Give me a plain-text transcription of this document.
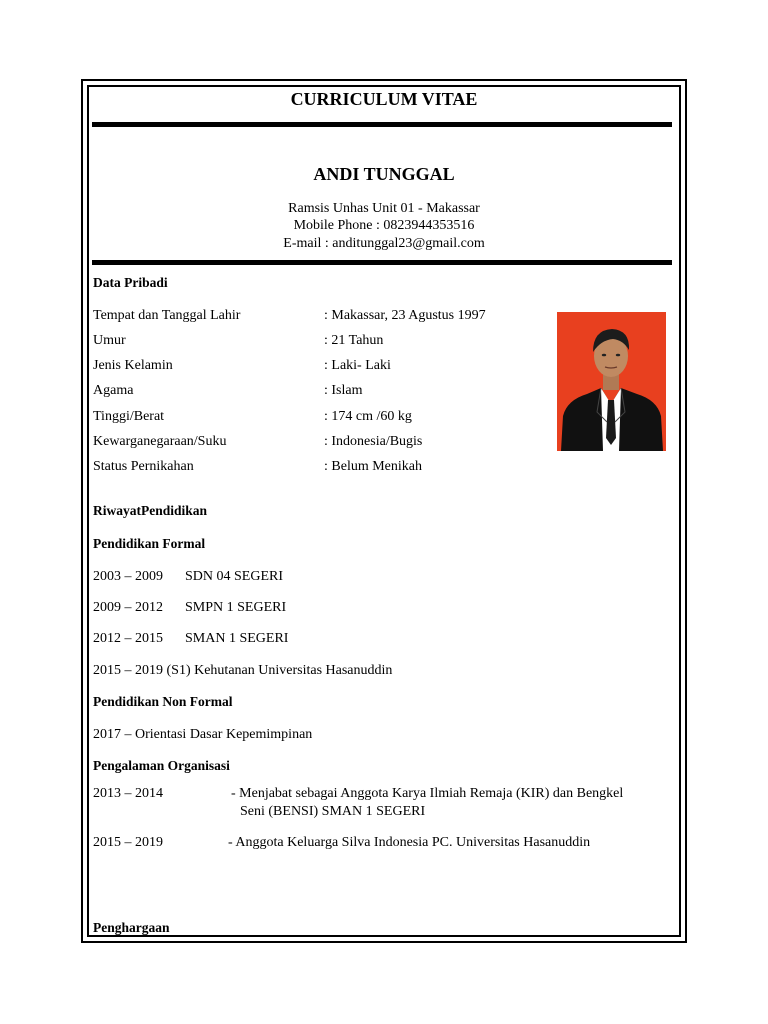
CURRICULUM VITAE
ANDI TUNGGAL
Ramsis Unhas Unit 01 - Makassar
Mobile Phone : 0823944353516
E-mail : anditunggal23@gmail.com
Data Pribadi
Tempat dan Tanggal Lahir	: Makassar, 23 Agustus 1997
Umur	: 21 Tahun
Jenis Kelamin	: Laki- Laki
Agama	: Islam
Tinggi/Berat	: 174 cm /60 kg
Kewarganegaraan/Suku	: Indonesia/Bugis
Status Pernikahan	: Belum Menikah
RiwayatPendidikan
Pendidikan Formal
2003 – 2009 SDN 04 SEGERI
2009 – 2012 SMPN 1 SEGERI
2012 – 2015 SMAN 1 SEGERI
2015 – 2019 (S1) Kehutanan Universitas Hasanuddin
Pendidikan Non Formal
2017 – Orientasi Dasar Kepemimpinan
Pengalaman Organisasi
2013 – 2014	- Menjabat sebagai Anggota Karya Ilmiah Remaja (KIR) dan Bengkel
Seni (BENSI) SMAN 1 SEGERI
2015 – 2019	- Anggota Keluarga Silva Indonesia PC. Universitas Hasanuddin
Penghargaan
